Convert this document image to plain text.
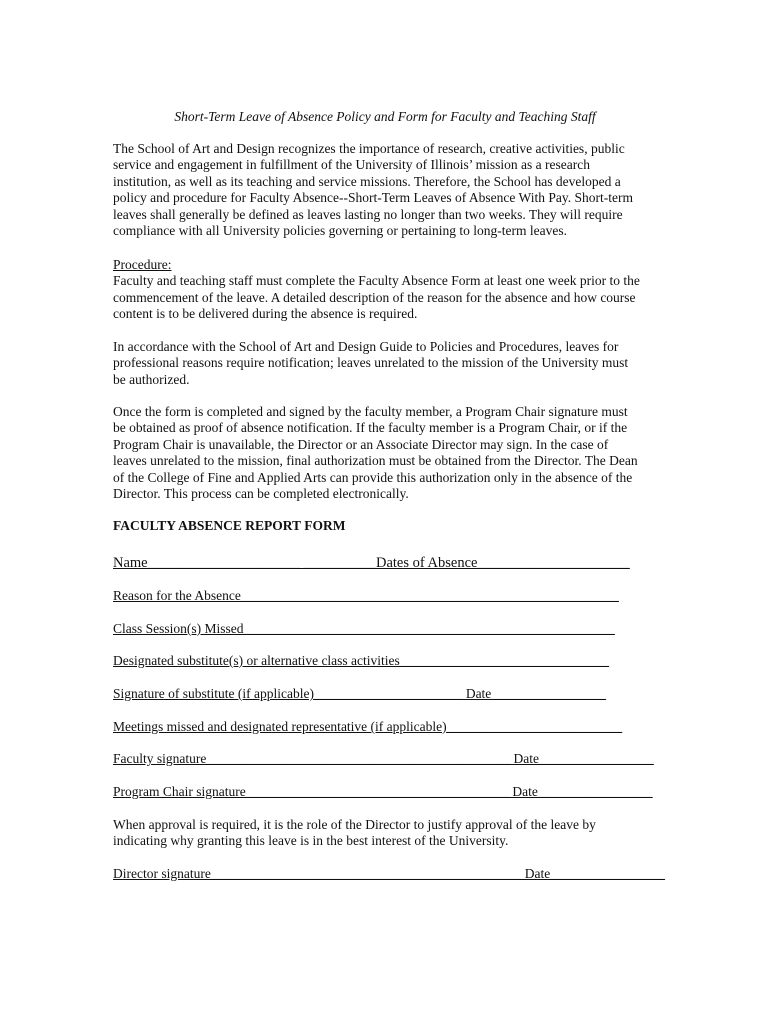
Short-Term Leave of Absence Policy and Form for Faculty and Teaching Staff
The School of Art and Design recognizes the importance of research, creative activities, public
service and engagement in fulfillment of the University of Illinois’ mission as a research
institution, as well as its teaching and service missions. Therefore, the School has developed a
policy and procedure for Faculty Absence--Short-Term Leaves of Absence With Pay. Short-term
leaves shall generally be defined as leaves lasting no longer than two weeks. They will require
compliance with all University policies governing or pertaining to long-term leaves.
Procedure:
Faculty and teaching staff must complete the Faculty Absence Form at least one week prior to the
commencement of the leave. A detailed description of the reason for the absence and how course
content is to be delivered during the absence is required.
In accordance with the School of Art and Design Guide to Policies and Procedures, leaves for
professional reasons require notification; leaves unrelated to the mission of the University must
be authorized.
Once the form is completed and signed by the faculty member, a Program Chair signature must
be obtained as proof of absence notification. If the faculty member is a Program Chair, or if the
Program Chair is unavailable, the Director or an Associate Director may sign. In the case of
leaves unrelated to the mission, final authorization must be obtained from the Director. The Dean
of the College of Fine and Applied Arts can provide this authorization only in the absence of the
Director. This process can be completed electronically.
FACULTY ABSENCE REPORT FORM
Name_____________________ __________Dates of Absence_____________________
Reason for the Absence________________________________________________________
Class Session(s) Missed_______________________________________________________
Designated substitute(s) or alternative class activities_______________________________
Signature of substitute (if applicable)______________________ Date_________________
Meetings missed and designated representative (if applicable)__________________________
Faculty signature_____________________________________________ Date_________________
Program Chair signature_______________________________________ Date_________________
When approval is required, it is the role of the Director to justify approval of the leave by
indicating why granting this leave is in the best interest of the University.
Director signature______________________________________________ Date_________________
